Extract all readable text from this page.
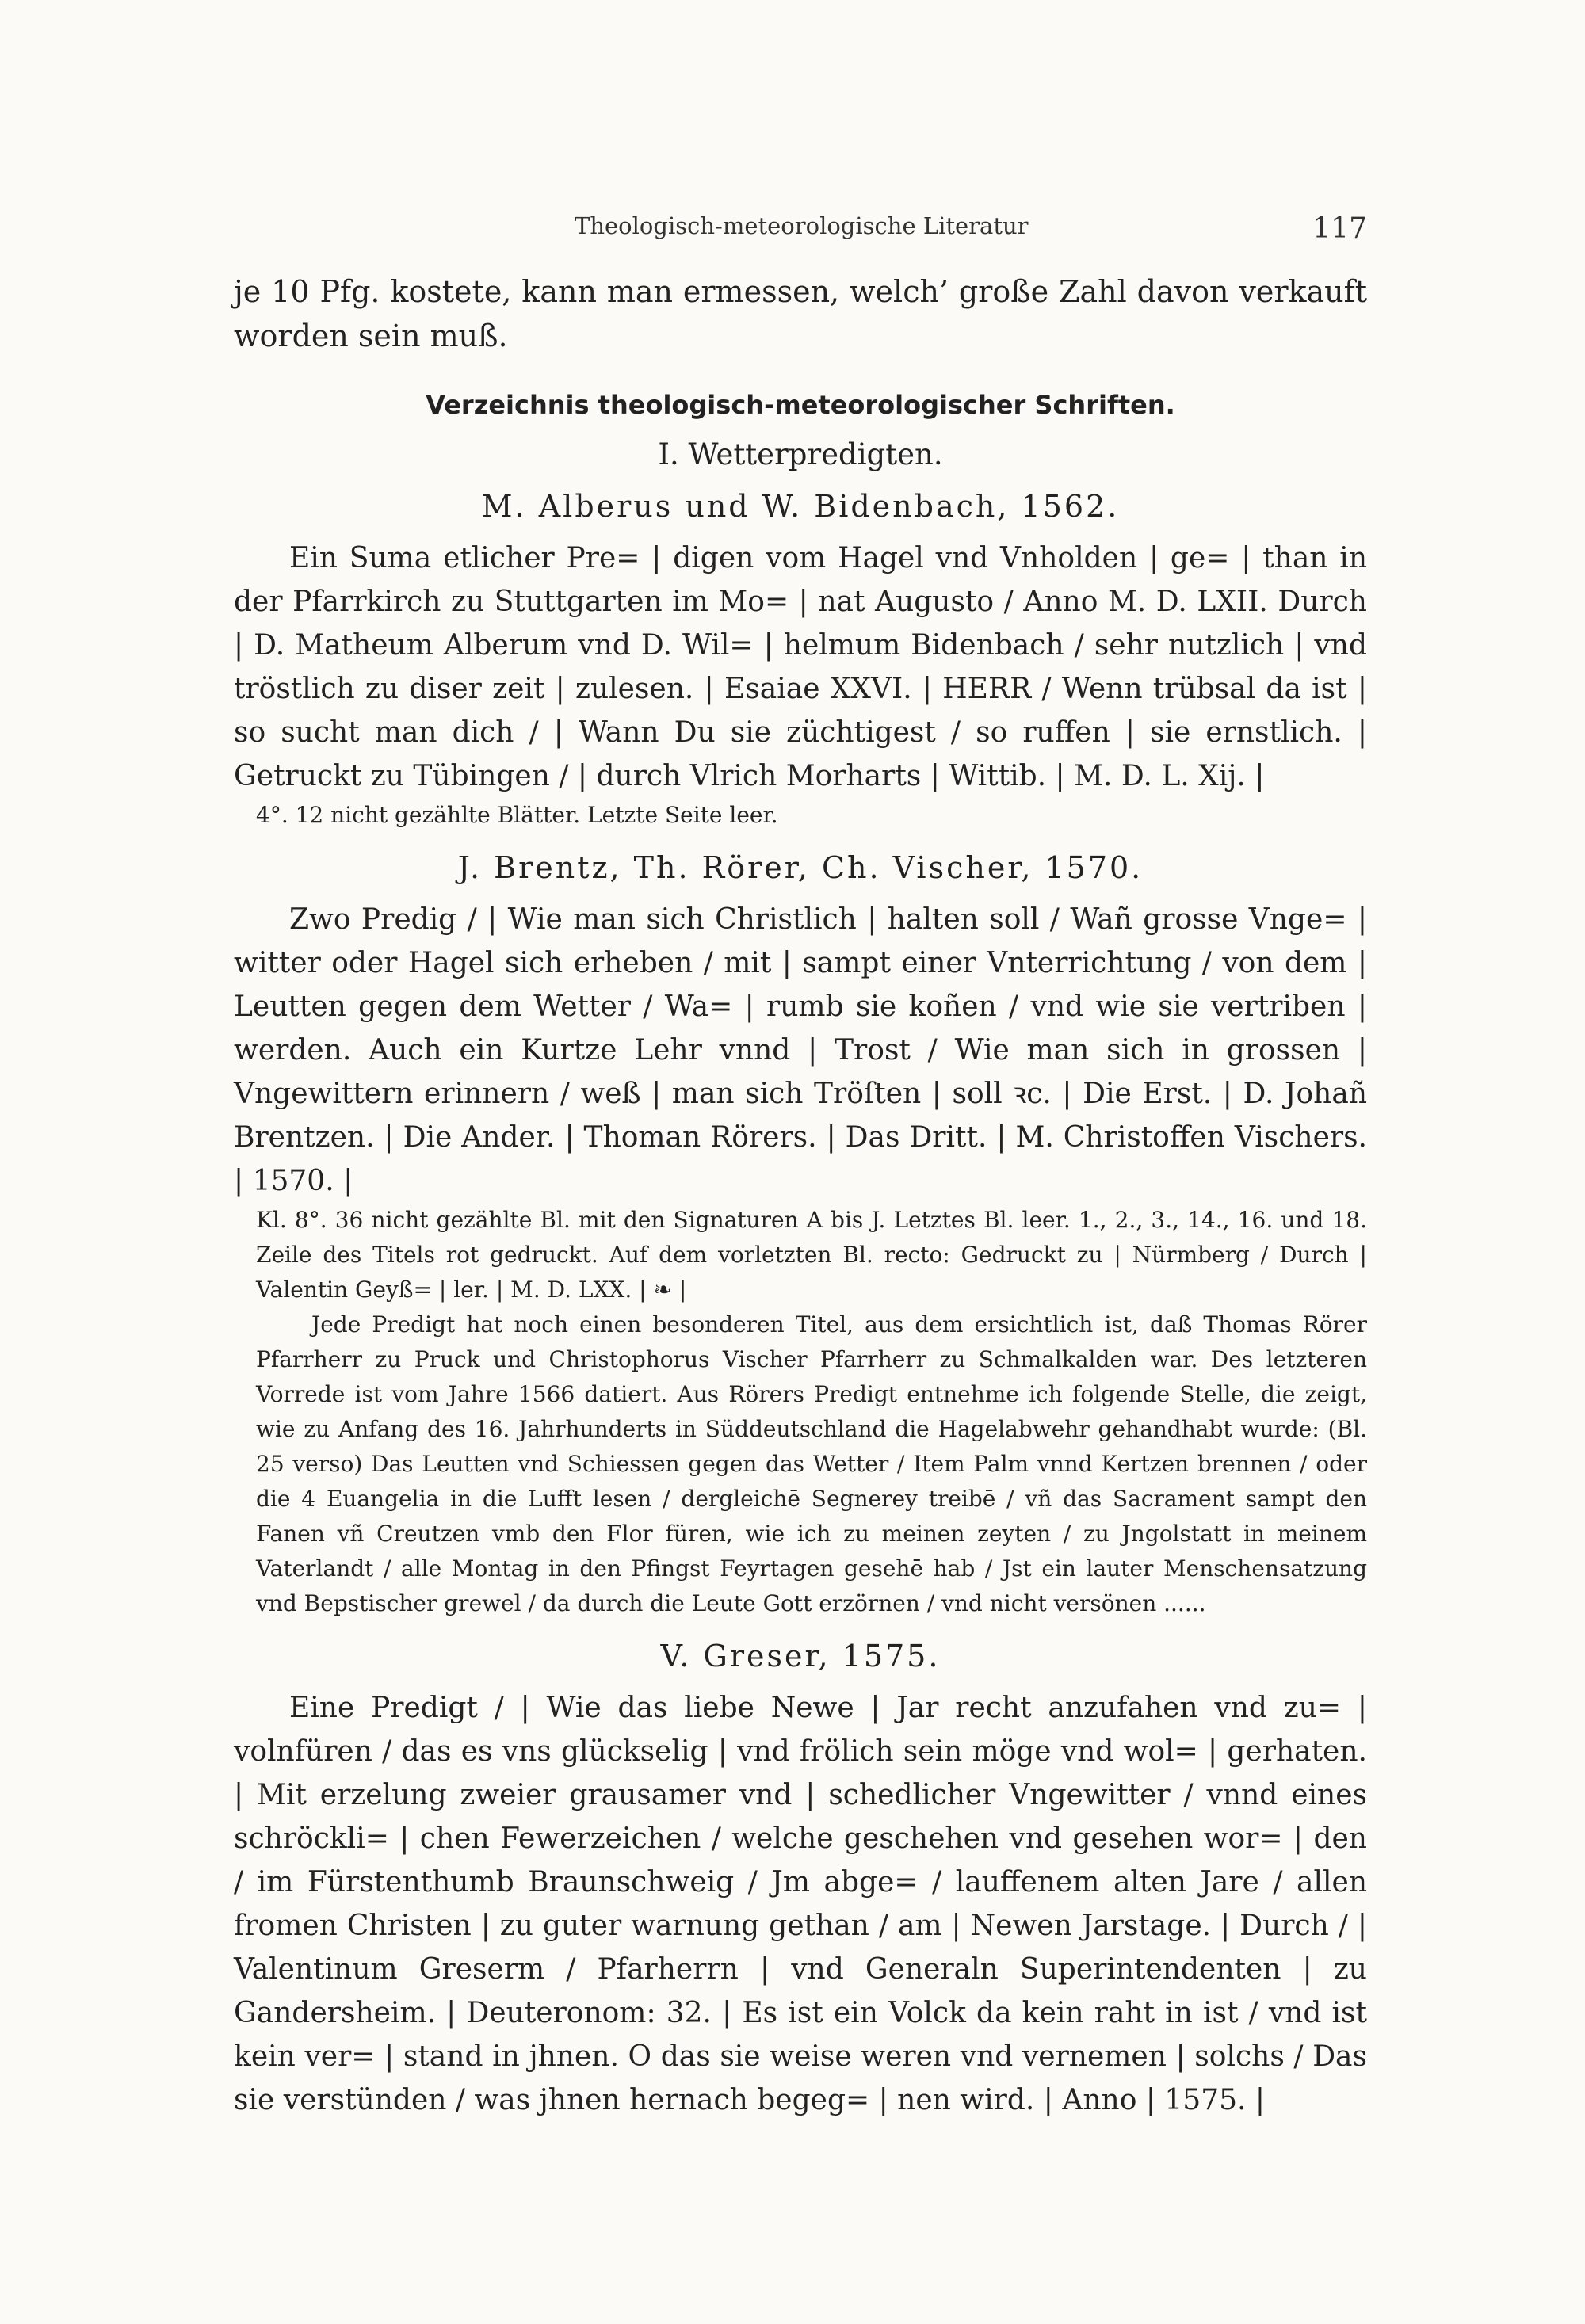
Theologisch-meteorologische Literatur	117

je 10 Pfg. kostete, kann man ermessen, welch’ große Zahl davon verkauft worden sein muß.

Verzeichnis theologisch-meteorologischer Schriften.
I. Wetterpredigten.
M. Alberus und W. Bidenbach, 1562.

Ein Suma etlicher Pre= | digen vom Hagel vnd Vnholden | ge= | than in der Pfarrkirch zu Stuttgarten im Mo= | nat Augusto / Anno M. D. LXII. Durch | D. Matheum Alberum vnd D. Wil= | helmum Bidenbach / sehr nutzlich | vnd tröstlich zu diser zeit | zulesen. | Esaiae XXVI. | HERR / Wenn trübsal da ist | so sucht man dich / | Wann Du sie züchtigest / so ruffen | sie ernstlich. | Getruckt zu Tübingen / | durch Vlrich Morharts | Wittib. | M. D. L. Xij. |

4°. 12 nicht gezählte Blätter. Letzte Seite leer.

J. Brentz, Th. Rörer, Ch. Vischer, 1570.

Zwo Predig / | Wie man sich Christlich | halten soll / Wañ grosse Vnge= | witter oder Hagel sich erheben / mit | sampt einer Vnterrichtung / von dem | Leutten gegen dem Wetter / Wa= | rumb sie koñen / vnd wie sie vertriben | werden. Auch ein Kurtze Lehr vnnd | Trost / Wie man sich in grossen | Vngewittern erinnern / weß | man sich Tröſten | soll ꝛc. | Die Erst. | D. Johañ Brentzen. | Die Ander. | Thoman Rörers. | Das Dritt. | M. Christoffen Vischers. | 1570. |

Kl. 8°. 36 nicht gezählte Bl. mit den Signaturen A bis J. Letztes Bl. leer. 1., 2., 3., 14., 16. und 18. Zeile des Titels rot gedruckt. Auf dem vorletzten Bl. recto: Gedruckt zu | Nürmberg / Durch | Valentin Geyß= | ler. | M. D. LXX. | ❧ |

Jede Predigt hat noch einen besonderen Titel, aus dem ersichtlich ist, daß Thomas Rörer Pfarrherr zu Pruck und Christophorus Vischer Pfarrherr zu Schmalkalden war. Des letzteren Vorrede ist vom Jahre 1566 datiert. Aus Rörers Predigt entnehme ich folgende Stelle, die zeigt, wie zu Anfang des 16. Jahrhunderts in Süddeutschland die Hagelabwehr gehandhabt wurde: (Bl. 25 verso) Das Leutten vnd Schiessen gegen das Wetter / Item Palm vnnd Kertzen brennen / oder die 4 Euangelia in die Lufft lesen / dergleichē Segnerey treibē / vñ das Sacrament sampt den Fanen vñ Creutzen vmb den Flor füren, wie ich zu meinen zeyten / zu Jngolstatt in meinem Vaterlandt / alle Montag in den Pfingst Feyrtagen gesehē hab / Jst ein lauter Menschensatzung vnd Bepstischer grewel / da durch die Leute Gott erzörnen / vnd nicht versönen ......

V. Greser, 1575.

Eine Predigt / | Wie das liebe Newe | Jar recht anzufahen vnd zu= | volnfüren / das es vns glückselig | vnd frölich sein möge vnd wol= | gerhaten. | Mit erzelung zweier grausamer vnd | schedlicher Vngewitter / vnnd eines schröckli= | chen Fewerzeichen / welche geschehen vnd gesehen wor= | den / im Fürstenthumb Braunschweig / Jm abge= / lauffenem alten Jare / allen fromen Christen | zu guter warnung gethan / am | Newen Jarstage. | Durch / | Valentinum Greserm / Pfarherrn | vnd Generaln Superintendenten | zu Gandersheim. | Deuteronom: 32. | Es ist ein Volck da kein raht in ist / vnd ist kein ver= | stand in jhnen. O das sie weise weren vnd vernemen | solchs / Das sie verstünden / was jhnen hernach begeg= | nen wird. | Anno | 1575. |
